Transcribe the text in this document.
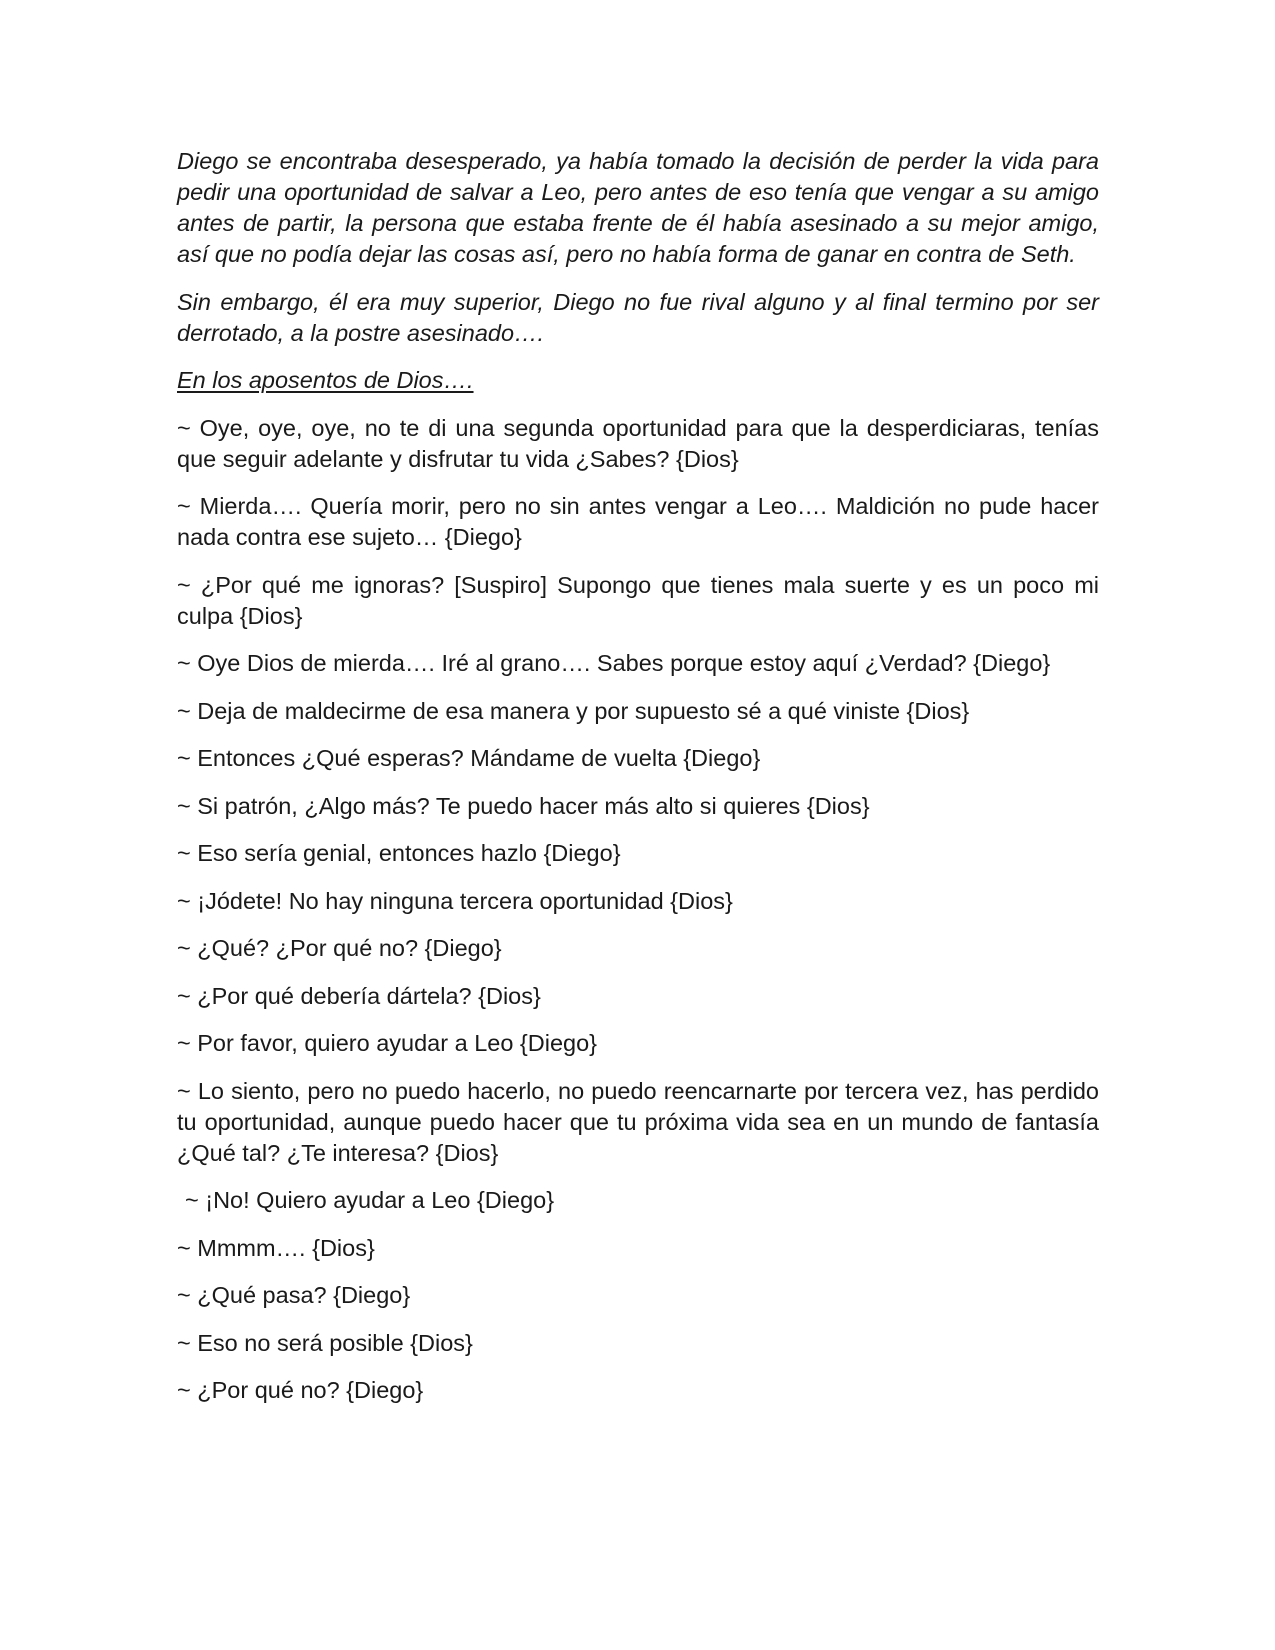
Diego se encontraba desesperado, ya había tomado la decisión de perder la vida para pedir una oportunidad de salvar a Leo, pero antes de eso tenía que vengar a su amigo antes de partir, la persona que estaba frente de él había asesinado a su mejor amigo, así que no podía dejar las cosas así, pero no había forma de ganar en contra de Seth.

Sin embargo, él era muy superior, Diego no fue rival alguno y al final termino por ser derrotado, a la postre asesinado….

En los aposentos de Dios….

~ Oye, oye, oye, no te di una segunda oportunidad para que la desperdiciaras, tenías que seguir adelante y disfrutar tu vida ¿Sabes? {Dios}

~ Mierda…. Quería morir, pero no sin antes vengar a Leo…. Maldición no pude hacer nada contra ese sujeto… {Diego}

~ ¿Por qué me ignoras? [Suspiro] Supongo que tienes mala suerte y es un poco mi culpa {Dios}

~ Oye Dios de mierda…. Iré al grano…. Sabes porque estoy aquí ¿Verdad? {Diego}

~ Deja de maldecirme de esa manera y por supuesto sé a qué viniste {Dios}

~ Entonces ¿Qué esperas? Mándame de vuelta {Diego}

~ Si patrón, ¿Algo más? Te puedo hacer más alto si quieres {Dios}

~ Eso sería genial, entonces hazlo {Diego}

~ ¡Jódete! No hay ninguna tercera oportunidad {Dios}

~ ¿Qué? ¿Por qué no? {Diego}

~ ¿Por qué debería dártela? {Dios}

~ Por favor, quiero ayudar a Leo {Diego}

~ Lo siento, pero no puedo hacerlo, no puedo reencarnarte por tercera vez, has perdido tu oportunidad, aunque puedo hacer que tu próxima vida sea en un mundo de fantasía ¿Qué tal? ¿Te interesa? {Dios}

~ ¡No! Quiero ayudar a Leo {Diego}

~ Mmmm…. {Dios}

~ ¿Qué pasa? {Diego}

~ Eso no será posible {Dios}

~ ¿Por qué no? {Diego}
